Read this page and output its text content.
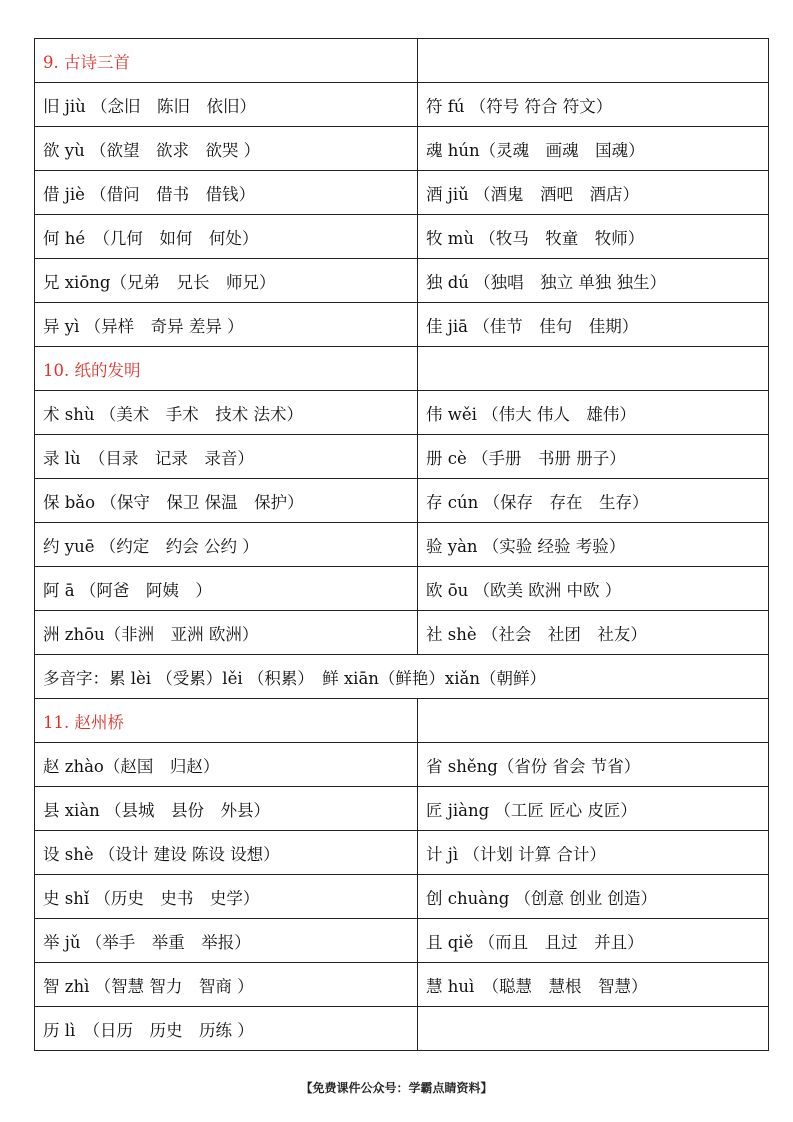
9. 古诗三首	
旧 jiù （念旧　陈旧　依旧）	符 fú （符号 符合 符文）
欲 yù （欲望　欲求　欲哭 ）	魂 hún（灵魂　画魂　国魂）
借 jiè （借问　借书　借钱）	酒 jiǔ （酒鬼　酒吧　酒店）
何 hé　（几何　如何　何处）	牧 mù （牧马　牧童　牧师）
兄 xiōng（兄弟　兄长　师兄）	独 dú （独唱　独立 单独 独生）
异 yì （异样　奇异 差异 ）	佳 jiā （佳节　佳句　佳期）
10. 纸的发明	
术 shù （美术　手术　技术 法术）	伟 wěi （伟大 伟人　雄伟）
录 lù　（目录　记录　录音）	册 cè （手册　书册 册子）
保 bǎo （保守　保卫 保温　保护）	存 cún （保存　存在　生存）
约 yuē （约定　约会 公约 ）	验 yàn （实验 经验 考验）
阿 ā （阿爸　阿姨　）	欧 ōu （欧美 欧洲 中欧 ）
洲 zhōu（非洲　亚洲 欧洲）	社 shè （社会　社团　社友）
多音字：累 lèi （受累）lěi （积累）　鲜 xiān（鲜艳）xiǎn（朝鲜）	
11. 赵州桥	
赵 zhào（赵国　归赵）	省 shěng（省份 省会 节省）
县 xiàn （县城　县份　外县）	匠 jiàng （工匠 匠心 皮匠）
设 shè （设计 建设 陈设 设想）	计 jì （计划 计算 合计）
史 shǐ （历史　史书　史学）	创 chuàng （创意 创业 创造）
举 jǔ （举手　举重　举报）	且 qiě （而且　且过　并且）
智 zhì （智慧 智力　智商 ）	慧 huì　（聪慧　慧根　智慧）
历 lì　（日历　历史　历练 ）	
【免费课件公众号：学霸点睛资料】
